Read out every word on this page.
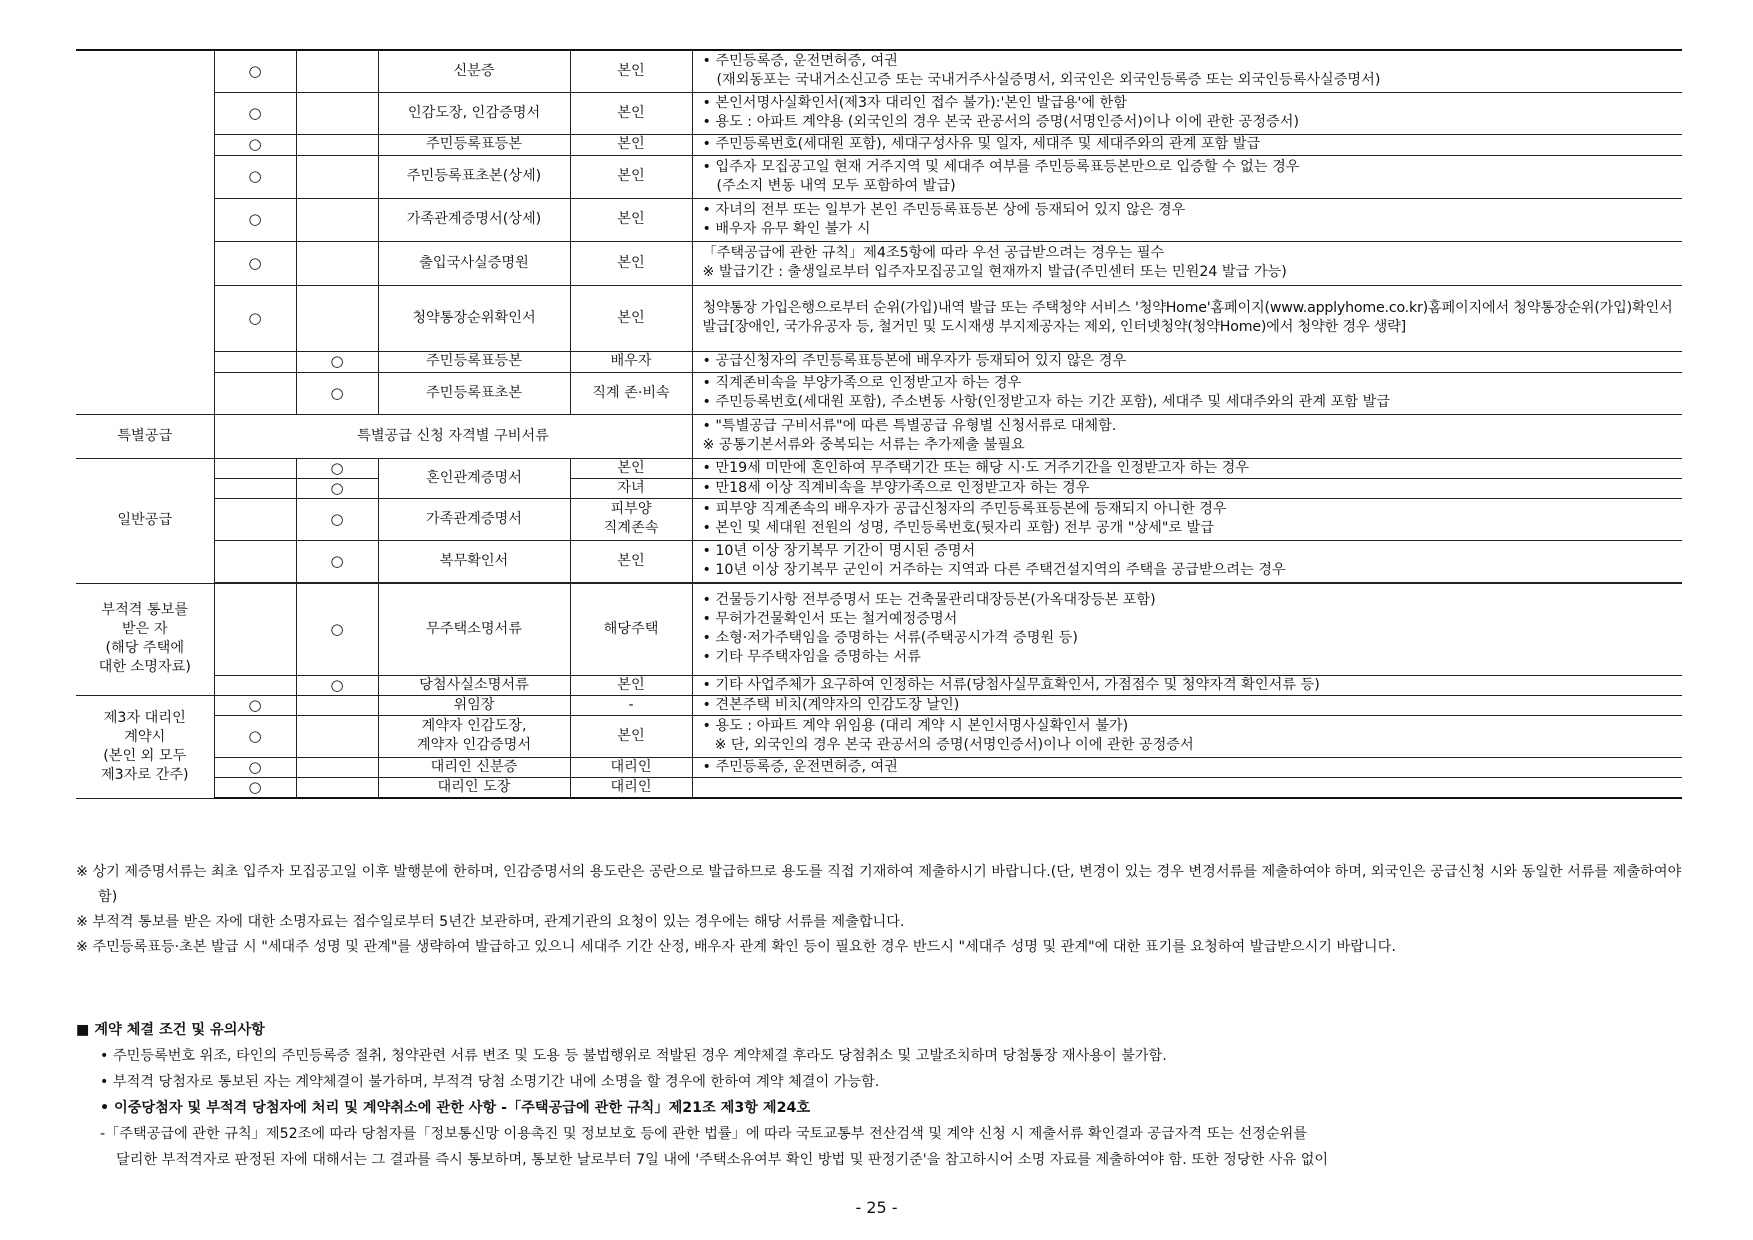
	○		신분증	본인	• 주민등록증, 운전면허증, 여권
(재외동포는 국내거소신고증 또는 국내거주사실증명서, 외국인은 외국인등록증 또는 외국인등록사실증명서)

	○		인감도장, 인감증명서	본인	• 본인서명사실확인서(제3자 대리인 접수 불가):'본인 발급용'에 한함
• 용도 : 아파트 계약용 (외국인의 경우 본국 관공서의 증명(서명인증서)이나 이에 관한 공정증서)

	○		주민등록표등본	본인	• 주민등록번호(세대원 포함), 세대구성사유 및 일자, 세대주 및 세대주와의 관계 포함 발급

	○		주민등록표초본(상세)	본인	• 입주자 모집공고일 현재 거주지역 및 세대주 여부를 주민등록표등본만으로 입증할 수 없는 경우
(주소지 변동 내역 모두 포함하여 발급)

	○		가족관계증명서(상세)	본인	• 자녀의 전부 또는 일부가 본인 주민등록표등본 상에 등재되어 있지 않은 경우
• 배우자 유무 확인 불가 시

	○		출입국사실증명원	본인	「주택공급에 관한 규칙」제4조5항에 따라 우선 공급받으려는 경우는 필수
※ 발급기간 : 출생일로부터 입주자모집공고일 현재까지 발급(주민센터 또는 민원24 발급 가능)

	○		청약통장순위확인서	본인	청약통장 가입은행으로부터 순위(가입)내역 발급 또는 주택청약 서비스 '청약Home'홈페이지(www.applyhome.co.kr)홈페이지에서 청약통장순위(가입)확인서 발급[장애인, 국가유공자 등, 철거민 및 도시재생 부지제공자는 제외, 인터넷청약(청약Home)에서 청약한 경우 생략]

		○	주민등록표등본	배우자	• 공급신청자의 주민등록표등본에 배우자가 등재되어 있지 않은 경우

		○	주민등록표초본	직계 존·비속	• 직계존비속을 부양가족으로 인정받고자 하는 경우
• 주민등록번호(세대원 포함), 주소변동 사항(인정받고자 하는 기간 포함), 세대주 및 세대주와의 관계 포함 발급

특별공급	특별공급 신청 자격별 구비서류				• "특별공급 구비서류"에 따른 특별공급 유형별 신청서류로 대체함.
※ 공통기본서류와 중복되는 서류는 추가제출 불필요

일반공급		○	혼인관계증명서	본인	• 만19세 미만에 혼인하여 무주택기간 또는 해당 시·도 거주기간을 인정받고자 하는 경우
		○		자녀	• 만18세 이상 직계비속을 부양가족으로 인정받고자 하는 경우
		○	가족관계증명서	피부양
직계존속	• 피부양 직계존속의 배우자가 공급신청자의 주민등록표등본에 등재되지 아니한 경우
• 본인 및 세대원 전원의 성명, 주민등록번호(뒷자리 포함) 전부 공개 "상세"로 발급

		○	복무확인서	본인	• 10년 이상 장기복무 기간이 명시된 증명서
• 10년 이상 장기복무 군인이 거주하는 지역과 다른 주택건설지역의 주택을 공급받으려는 경우

부적격 통보를
받은 자
(해당 주택에
대한 소명자료)		○	무주택소명서류	해당주택	• 건물등기사항 전부증명서 또는 건축물관리대장등본(가옥대장등본 포함)
• 무허가건물확인서 또는 철거예정증명서
• 소형·저가주택임을 증명하는 서류(주택공시가격 증명원 등)
• 기타 무주택자임을 증명하는 서류

		○	당첨사실소명서류	본인	• 기타 사업주체가 요구하여 인정하는 서류(당첨사실무효확인서, 가점점수 및 청약자격 확인서류 등)

제3자 대리인
계약시
(본인 외 모두
제3자로 간주)	○		위임장	-	• 견본주택 비치(계약자의 인감도장 날인)
	○		계약자 인감도장,
계약자 인감증명서	본인	• 용도 : 아파트 계약 위임용 (대리 계약 시 본인서명사실확인서 불가)
※ 단, 외국인의 경우 본국 관공서의 증명(서명인증서)이나 이에 관한 공정증서

	○		대리인 신분증	대리인	• 주민등록증, 운전면허증, 여권
	○		대리인 도장	대리인	
※ 상기 제증명서류는 최초 입주자 모집공고일 이후 발행분에 한하며, 인감증명서의 용도란은 공란으로 발급하므로 용도를 직접 기재하여 제출하시기 바랍니다.(단, 변경이 있는 경우 변경서류를 제출하여야 하며, 외국인은 공급신청 시와 동일한 서류를 제출하여야 함)
※ 부적격 통보를 받은 자에 대한 소명자료는 접수일로부터 5년간 보관하며, 관계기관의 요청이 있는 경우에는 해당 서류를 제출합니다.
※ 주민등록표등·초본 발급 시 "세대주 성명 및 관계"를 생략하여 발급하고 있으니 세대주 기간 산정, 배우자 관계 확인 등이 필요한 경우 반드시 "세대주 성명 및 관계"에 대한 표기를 요청하여 발급받으시기 바랍니다.
■ 계약 체결 조건 및 유의사항
• 주민등록번호 위조, 타인의 주민등록증 절취, 청약관련 서류 변조 및 도용 등 불법행위로 적발된 경우 계약체결 후라도 당첨취소 및 고발조치하며 당첨통장 재사용이 불가함.
• 부적격 당첨자로 통보된 자는 계약체결이 불가하며, 부적격 당첨 소명기간 내에 소명을 할 경우에 한하여 계약 체결이 가능함.
• 이중당첨자 및 부적격 당첨자에 처리 및 계약취소에 관한 사항 -「주택공급에 관한 규칙」제21조 제3항 제24호
-「주택공급에 관한 규칙」제52조에 따라 당첨자를「정보통신망 이용촉진 및 정보보호 등에 관한 법률」에 따라 국토교통부 전산검색 및 계약 신청 시 제출서류 확인결과 공급자격 또는 선정순위를
달리한 부적격자로 판정된 자에 대해서는 그 결과를 즉시 통보하며, 통보한 날로부터 7일 내에 '주택소유여부 확인 방법 및 판정기준'을 참고하시어 소명 자료를 제출하여야 함. 또한 정당한 사유 없이
- 25 -
